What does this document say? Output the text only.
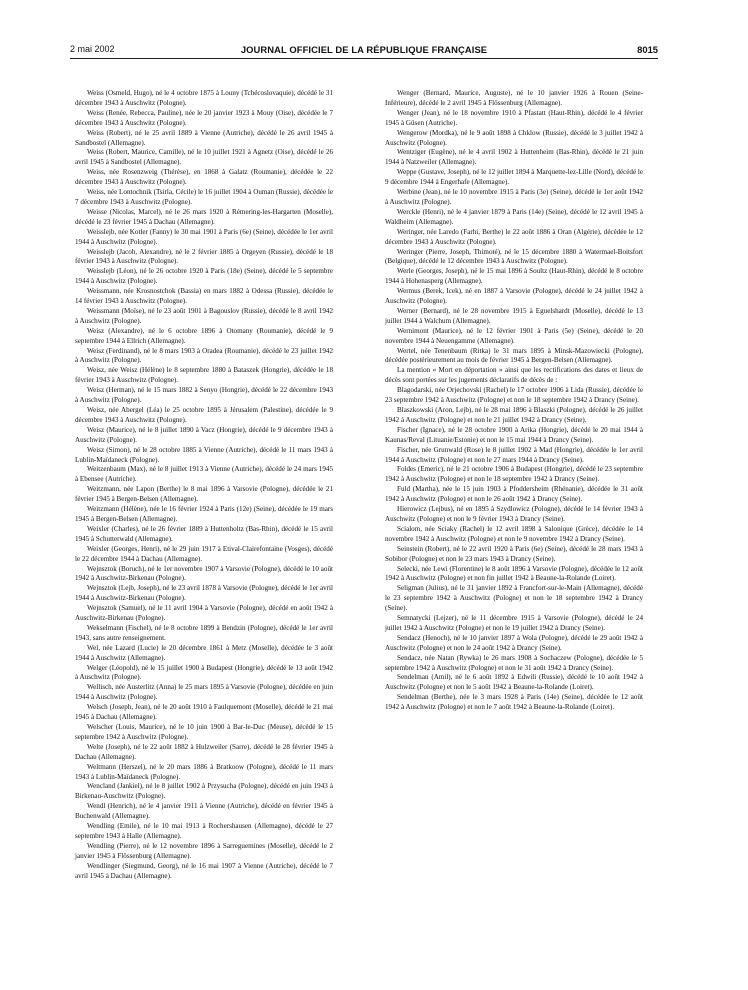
2 mai 2002	JOURNAL OFFICIEL DE LA RÉPUBLIQUE FRANÇAISE	8015

Weiss (Osmeld, Hugo), né le 4 octobre 1875 à Louny (Tchécoslovaquie), décédé le 31 décembre 1943 à Auschwitz (Pologne).

Weiss (Renée, Rebecca, Pauline), née le 20 janvier 1923 à Mouy (Oise), décédée le 7 décembre 1943 à Auschwitz (Pologne).

Weiss (Robert), né le 25 avril 1889 à Vienne (Autriche), décédé le 26 avril 1945 à Sandbostel (Allemagne).

Weiss (Robert, Maurice, Camille), né le 10 juillet 1921 à Agnetz (Oise), décédé le 26 avril 1945 à Sandbostel (Allemagne).

Weiss, née Rosenzweig (Thérèse), en 1868 à Galatz (Roumanie), décédée le 22 décembre 1943 à Auschwitz (Pologne).

Weiss, née Lontochnik (Tsirla, Cécile) le 16 juillet 1904 à Ouman (Russie), décédée le 7 décembre 1943 à Auschwitz (Pologne).

Weisse (Nicolas, Marcel), né le 26 mars 1920 à Rémering-les-Hargarten (Moselle), décédé le 23 février 1945 à Dachau (Allemagne).

Weisslejb, née Kotler (Fanny) le 30 mai 1901 à Paris (6e) (Seine), décédée le 1er avril 1944 à Auschwitz (Pologne).

Weisslejb (Jacob, Alexandre), né le 2 février 1885 à Orgeyen (Russie), décédé le 18 février 1943 à Auschwitz (Pologne).

Weisslejb (Léon), né le 26 octobre 1920 à Paris (18e) (Seine), décédé le 5 septembre 1944 à Auschwitz (Pologne).

Weissmann, née Krosnostchok (Bassia) en mars 1882 à Odessa (Russie), décédée le 14 février 1943 à Auschwitz (Pologne).

Weissmann (Moïse), né le 23 août 1901 à Bagouslov (Russie), décédé le 8 avril 1942 à Auschwitz (Pologne).

Weisz (Alexandre), né le 6 octobre 1896 à Otomany (Roumanie), décédé le 9 septembre 1944 à Ellrich (Allemagne).

Weisz (Ferdinand), né le 8 mars 1903 à Oradea (Roumanie), décédé le 23 juillet 1942 à Auschwitz (Pologne).

Weisz, née Weisz (Hélène) le 8 septembre 1880 à Bataszek (Hongrie), décédée le 18 février 1943 à Auschwitz (Pologne).

Weisz (Herman), né le 15 mars 1882 à Senyo (Hongrie), décédé le 22 décembre 1943 à Auschwitz (Pologne).

Weisz, née Abergel (Léa) le 25 octobre 1895 à Jérusalem (Palestine), décédée le 9 décembre 1943 à Auschwitz (Pologne).

Weisz (Maurice), né le 8 juillet 1890 à Vacz (Hongrie), décédé le 9 décembre 1943 à Auschwitz (Pologne).

Weisz (Simon), né le 28 octobre 1885 à Vienne (Autriche), décédé le 11 mars 1943 à Lublin-Maïdaneck (Pologne).

Weitzenbaum (Max), né le 8 juillet 1913 à Vienne (Autriche), décédé le 24 mars 1945 à Ebensee (Autriche).

Weitzmann, née Lapon (Berthe) le 8 mai 1896 à Varsovie (Pologne), décédée le 21 février 1945 à Bergen-Belsen (Allemagne).

Weitzmann (Hélène), née le 16 février 1924 à Paris (12e) (Seine), décédée le 19 mars 1945 à Bergen-Belsen (Allemagne).

Weixler (Charles), né le 26 février 1889 à Huttenholtz (Bas-Rhin), décédé le 15 avril 1945 à Schutterwald (Allemagne).

Weixler (Georges, Henri), né le 29 juin 1917 à Etival-Clairefontaine (Vosges), décédé le 22 décembre 1944 à Dachau (Allemagne).

Wejnsztok (Boruch), né le 1er novembre 1907 à Varsovie (Pologne), décédé le 10 août 1942 à Auschwitz-Birkenau (Pologne).

Wejnsztok (Lejb, Joseph), né le 23 avril 1878 à Varsovie (Pologne), décédé le 1er avril 1944 à Auschwitz-Birkenau (Pologne).

Wejnsztok (Samuel), né le 11 avril 1904 à Varsovie (Pologne), décédé en août 1942 à Auschwitz-Birkenau (Pologne).

Wekselmann (Fischel), né le 8 octobre 1899 à Bendzin (Pologne), décédé le 1er avril 1943, sans autre renseignement.

Wel, née Lazard (Lucie) le 20 décembre 1861 à Metz (Moselle), décédée le 3 août 1944 à Auschwitz (Allemagne).

Welger (Léopold), né le 15 juillet 1900 à Budapest (Hongrie), décédé le 13 août 1942 à Auschwitz (Pologne).

Wellisch, née Austerlitz (Anna) le 25 mars 1895 à Varsovie (Pologne), décédée en juin 1944 à Auschwitz (Pologne).

Welsch (Joseph, Jean), né le 20 août 1910 à Faulquemont (Moselle), décédé le 21 mai 1945 à Dachau (Allemagne).

Welscher (Louis, Maurice), né le 10 juin 1900 à Bar-le-Duc (Meuse), décédé le 15 septembre 1942 à Auschwitz (Pologne).

Welte (Joseph), né le 22 août 1882 à Hulzweiler (Sarre), décédé le 28 février 1945 à Dachau (Allemagne).

Weltmann (Herszel), né le 20 mars 1886 à Bratkoow (Pologne), décédé le 11 mars 1943 à Lublin-Maïdaneck (Pologne).

Wencland (Jankiel), né le 8 juillet 1902 à Przysucha (Pologne), décédé en juin 1943 à Birkenau-Auschwitz (Pologne).

Wendl (Henrich), né le 4 janvier 1911 à Vienne (Autriche), décédé en février 1945 à Buchenwald (Allemagne).

Wendling (Emile), né le 10 mai 1913 à Rochershausen (Allemagne), décédé le 27 septembre 1943 à Halle (Allemagne).

Wendling (Pierre), né le 12 novembre 1896 à Sarreguemines (Moselle), décédé le 2 janvier 1945 à Flössenburg (Allemagne).

Wendlinger (Siegmund, Georg), né le 16 mai 1907 à Vienne (Autriche), décédé le 7 avril 1945 à Dachau (Allemagne).

Wenger (Bernard, Maurice, Auguste), né le 10 janvier 1926 à Rouen (Seine-Inférieure), décédé le 2 avril 1945 à Flössenburg (Allemagne).

Wenger (Jean), né le 18 novembre 1910 à Pfastatt (Haut-Rhin), décédé le 4 février 1945 à Güsen (Autriche).

Wengerow (Mordka), né le 9 août 1898 à Chklow (Russie), décédé le 3 juillet 1942 à Auschwitz (Pologne).

Wentziger (Eugène), né le 4 avril 1902 à Huttenheim (Bas-Rhin), décédé le 21 juin 1944 à Natzweiler (Allemagne).

Weppe (Gustave, Joseph), né le 12 juillet 1894 à Marquette-lez-Lille (Nord), décédé le 9 décembre 1944 à Engerhafe (Allemagne).

Werbine (Jean), né le 10 novembre 1915 à Paris (3e) (Seine), décédé le 1er août 1942 à Auschwitz (Pologne).

Werckle (Henri), né le 4 janvier 1879 à Paris (14e) (Seine), décédé le 12 avril 1945 à Waldheim (Allemagne).

Weringer, née Laredo (Farhi, Berthe) le 22 août 1886 à Oran (Algérie), décédée le 12 décembre 1943 à Auschwitz (Pologne).

Weringer (Pierre, Joseph, Thimoté), né le 15 décembre 1880 à Watermael-Boitsfort (Belgique), décédé le 12 décembre 1943 à Auschwitz (Pologne).

Werle (Georges, Joseph), né le 15 mai 1896 à Soultz (Haut-Rhin), décédé le 8 octobre 1944 à Hohenasperg (Allemagne).

Wermus (Berek, Icek), né en 1887 à Varsovie (Pologne), décédé le 24 juillet 1942 à Auschwitz (Pologne).

Werner (Bernard), né le 28 novembre 1915 à Eguelshardt (Moselle), décédé le 13 juillet 1944 à Walchum (Allemagne).

Wernimont (Maurice), né le 12 février 1901 à Paris (5e) (Seine), décédé le 20 novembre 1944 à Neuengamme (Allemagne).

Wertel, née Tenenbaum (Ritka) le 31 mars 1895 à Minsk-Mazowiecki (Pologne), décédée postérieurement au mois de février 1945 à Bergen-Belsen (Allemagne).

La mention « Mort en déportation » ainsi que les rectifications des dates et lieux de décès sont portées sur les jugements déclaratifs de décès de :

Blagodarski, née Orjechovski (Rachel) le 17 octobre 1906 à Lida (Russie), décédée le 23 septembre 1942 à Auschwitz (Pologne) et non le 18 septembre 1942 à Drancy (Seine).

Blaszkowski (Aron, Lejb), né le 28 mai 1896 à Blaszki (Pologne), décédé le 26 juillet 1942 à Auschwitz (Pologne) et non le 21 juillet 1942 à Drancy (Seine).

Fischer (Ignace), né le 28 octobre 1900 à Arika (Hongrie), décédé le 20 mai 1944 à Kaunas/Reval (Lituanie/Estonie) et non le 15 mai 1944 à Drancy (Seine).

Fischer, née Grunwald (Rose) le 8 juillet 1902 à Mad (Hongrie), décédée le 1er avril 1944 à Auschwitz (Pologne) et non le 27 mars 1944 à Drancy (Seine).

Foldes (Emeric), né le 21 octobre 1906 à Budapest (Hongrie), décédé le 23 septembre 1942 à Auschwitz (Pologne) et non le 18 septembre 1942 à Drancy (Seine).

Fuld (Martha), née le 15 juin 1903 à Pfoddersheim (Rhénanie), décédée le 31 août 1942 à Auschwitz (Pologne) et non le 26 août 1942 à Drancy (Seine).

Hierowicz (Lejbus), né en 1895 à Szydlowicz (Pologne), décédé le 14 février 1943 à Auschwitz (Pologne) et non le 9 février 1943 à Drancy (Seine).

Scialom, née Sciaky (Rachel) le 12 avril 1898 à Salonique (Grèce), décédée le 14 novembre 1942 à Auschwitz (Pologne) et non le 9 novembre 1942 à Drancy (Seine).

Seinstein (Robert), né le 22 avril 1920 à Paris (6e) (Seine), décédé le 28 mars 1943 à Sobibor (Pologne) et non le 23 mars 1943 à Drancy (Seine).

Selecki, née Lewi (Florentine) le 8 août 1896 à Varsovie (Pologne), décédée le 12 août 1942 à Auschwitz (Pologne) et non fin juillet 1942 à Beaune-la-Rolande (Loiret).

Seligman (Julius), né le 31 janvier 1892 à Francfort-sur-le-Main (Allemagne), décédé le 23 septembre 1942 à Auschwitz (Pologne) et non le 18 septembre 1942 à Drancy (Seine).

Semnatycki (Lejzer), né le 11 décembre 1915 à Varsovie (Pologne), décédé le 24 juillet 1942 à Auschwitz (Pologne) et non le 19 juillet 1942 à Drancy (Seine).

Sendacz (Henoch), né le 10 janvier 1897 à Wola (Pologne), décédé le 29 août 1942 à Auschwitz (Pologne) et non le 24 août 1942 à Drancy (Seine).

Sendacz, née Natan (Rywka) le 26 mars 1908 à Sochaczew (Pologne), décédée le 5 septembre 1942 à Auschwitz (Pologne) et non le 31 août 1942 à Drancy (Seine).

Sendelman (Amil), né le 6 août 1892 à Edwili (Russie), décédé le 10 août 1942 à Auschwitz (Pologne) et non le 5 août 1942 à Beaune-la-Rolande (Loiret).

Sendelman (Berthe), née le 3 mars 1928 à Paris (14e) (Seine), décédée le 12 août 1942 à Auschwitz (Pologne) et non le 7 août 1942 à Beaune-la-Rolande (Loiret).
